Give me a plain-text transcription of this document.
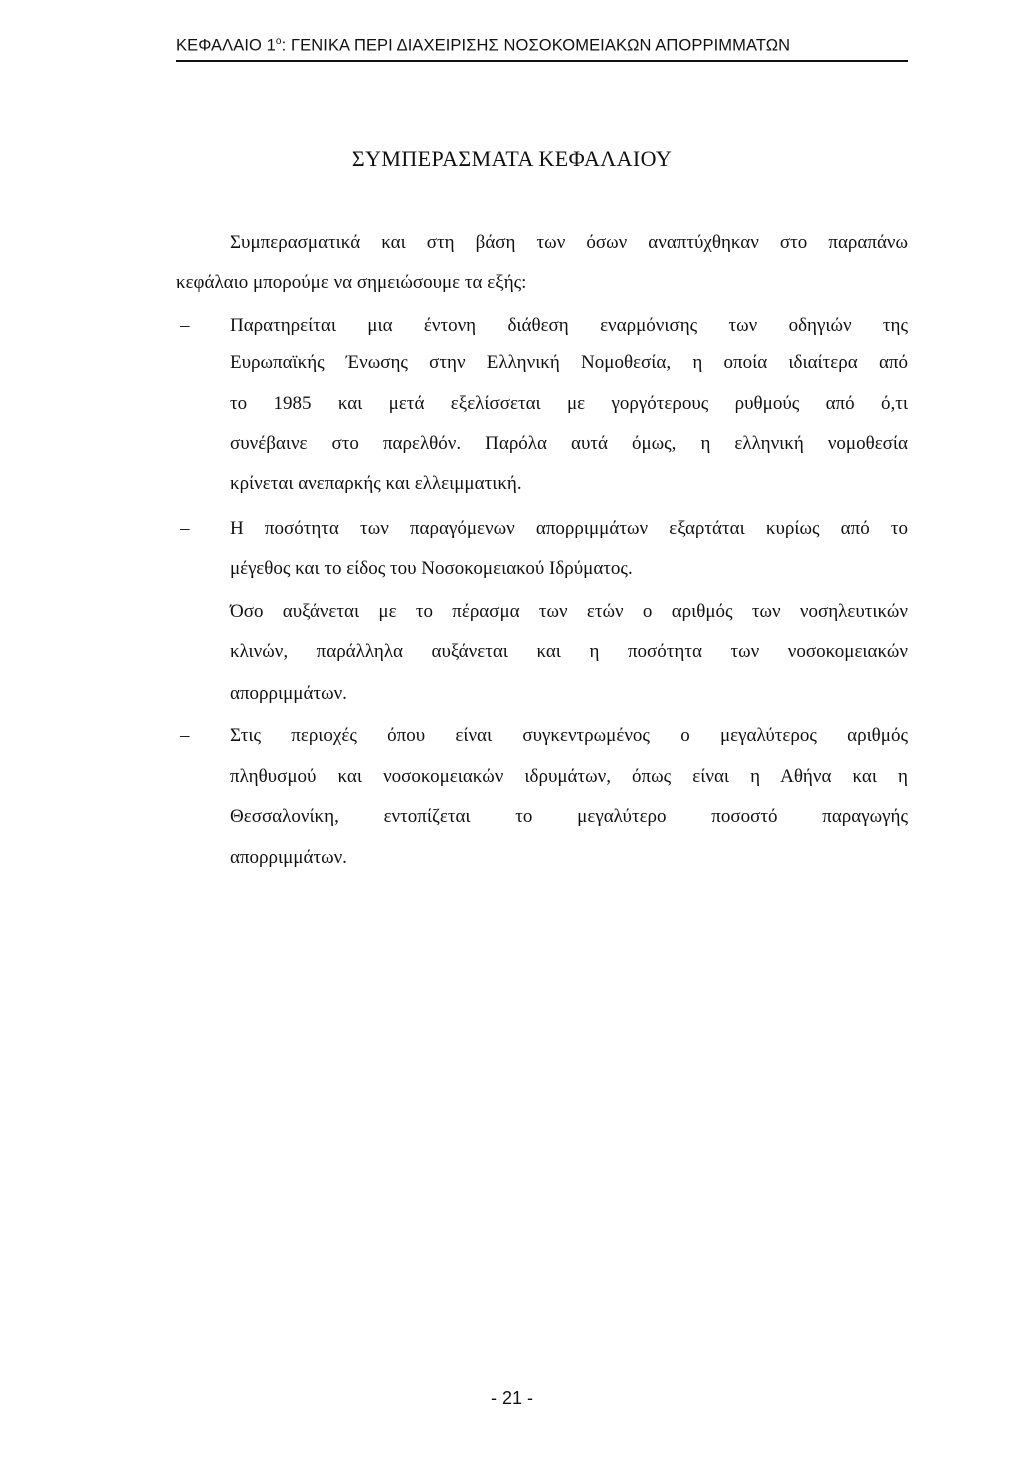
ΚΕΦΑΛΑΙΟ $1^o$: ΓΕΝΙΚΑ ΠΕΡΙ ΔΙΑΧΕΙΡΙΣΗΣ ΝΟΣΟΚΟΜΕΙΑΚΩΝ ΑΠΟΡΡΙΜΜΑΤΩΝ
ΣΥΜΠΕΡΑΣΜΑΤΑ ΚΕΦΑΛΑΙΟΥ
Συμπερασματικά και στη βάση των όσων αναπτύχθηκαν στο παραπάνω
κεφάλαιο μπορούμε να σημειώσουμε τα εξής:
– Παρατηρείται μια έντονη διάθεση εναρμόνισης των οδηγιών της
Ευρωπαϊκής Ένωσης στην Ελληνική Νομοθεσία, η οποία ιδιαίτερα από
το 1985 και μετά εξελίσσεται με γοργότερους ρυθμούς από ό,τι
συνέβαινε στο παρελθόν. Παρόλα αυτά όμως, η ελληνική νομοθεσία
κρίνεται ανεπαρκής και ελλειμματική.
– Η ποσότητα των παραγόμενων απορριμμάτων εξαρτάται κυρίως από το
μέγεθος και το είδος του Νοσοκομειακού Ιδρύματος.
Όσο αυξάνεται με το πέρασμα των ετών ο αριθμός των νοσηλευτικών
κλινών, παράλληλα αυξάνεται και η ποσότητα των νοσοκομειακών
απορριμμάτων.
– Στις περιοχές όπου είναι συγκεντρωμένος ο μεγαλύτερος αριθμός
πληθυσμού και νοσοκομειακών ιδρυμάτων, όπως είναι η Αθήνα και η
Θεσσαλονίκη, εντοπίζεται το μεγαλύτερο ποσοστό παραγωγής
απορριμμάτων.
- 21 -
